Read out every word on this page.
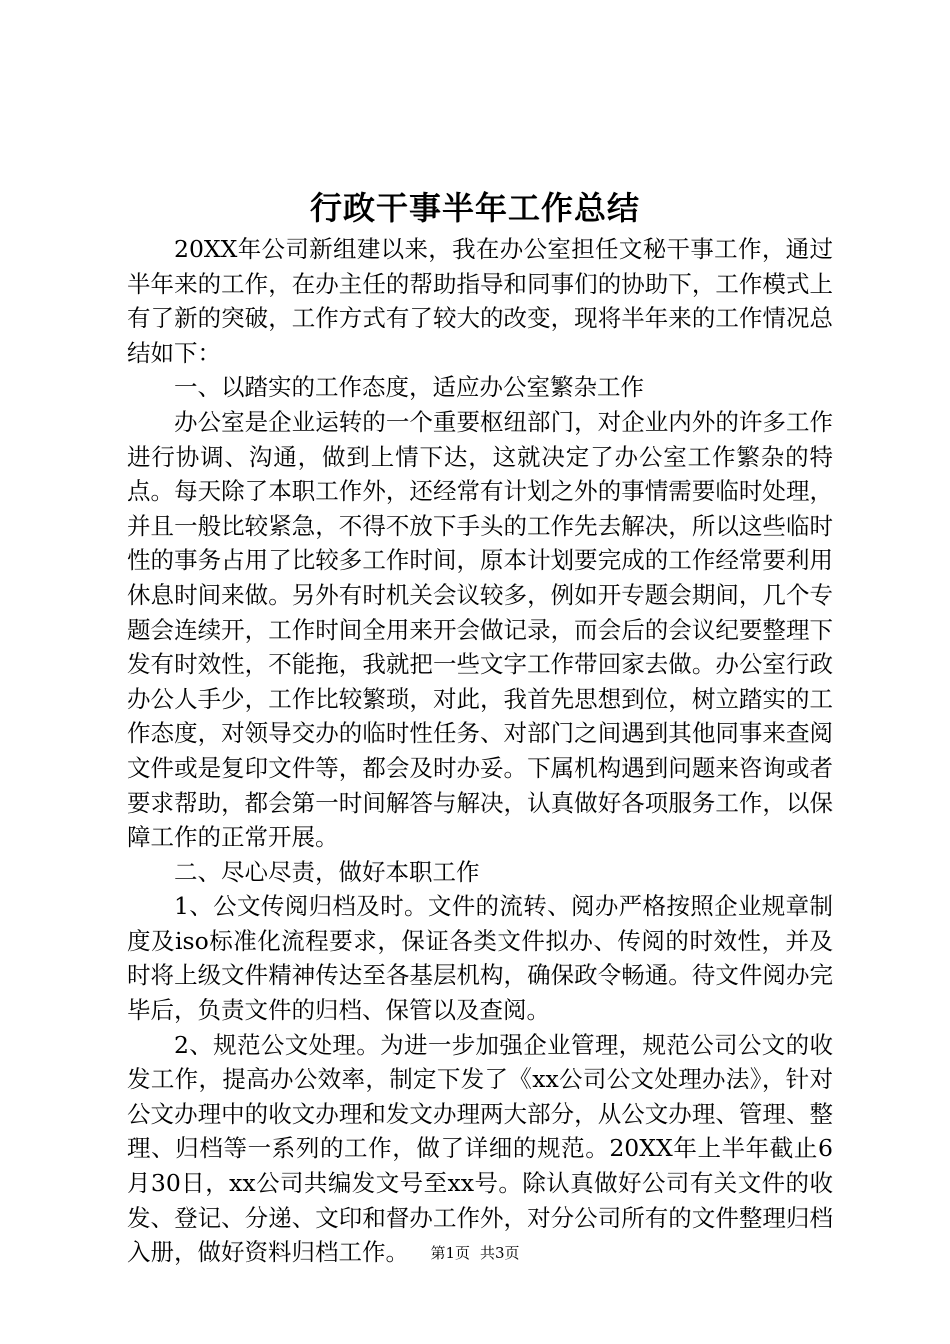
行政干事半年工作总结

20XX年公司新组建以来，我在办公室担任文秘干事工作，通过半年来的工作，在办主任的帮助指导和同事们的协助下，工作模式上有了新的突破，工作方式有了较大的改变，现将半年来的工作情况总结如下：

一、以踏实的工作态度，适应办公室繁杂工作

办公室是企业运转的一个重要枢纽部门，对企业内外的许多工作进行协调、沟通，做到上情下达，这就决定了办公室工作繁杂的特点。每天除了本职工作外，还经常有计划之外的事情需要临时处理，并且一般比较紧急，不得不放下手头的工作先去解决，所以这些临时性的事务占用了比较多工作时间，原本计划要完成的工作经常要利用休息时间来做。另外有时机关会议较多，例如开专题会期间，几个专题会连续开，工作时间全用来开会做记录，而会后的会议纪要整理下发有时效性，不能拖，我就把一些文字工作带回家去做。办公室行政办公人手少，工作比较繁琐，对此，我首先思想到位，树立踏实的工作态度，对领导交办的临时性任务、对部门之间遇到其他同事来查阅文件或是复印文件等，都会及时办妥。下属机构遇到问题来咨询或者要求帮助，都会第一时间解答与解决，认真做好各项服务工作，以保障工作的正常开展。

二、尽心尽责，做好本职工作

1、公文传阅归档及时。文件的流转、阅办严格按照企业规章制度及iso标准化流程要求，保证各类文件拟办、传阅的时效性，并及时将上级文件精神传达至各基层机构，确保政令畅通。待文件阅办完毕后，负责文件的归档、保管以及查阅。

2、规范公文处理。为进一步加强企业管理，规范公司公文的收发工作，提高办公效率，制定下发了《xx公司公文处理办法》，针对公文办理中的收文办理和发文办理两大部分，从公文办理、管理、整理、归档等一系列的工作，做了详细的规范。20XX年上半年截止6月30日，xx公司共编发文号至xx号。除认真做好公司有关文件的收发、登记、分递、文印和督办工作外，对分公司所有的文件整理归档入册，做好资料归档工作。	第1页 共3页
